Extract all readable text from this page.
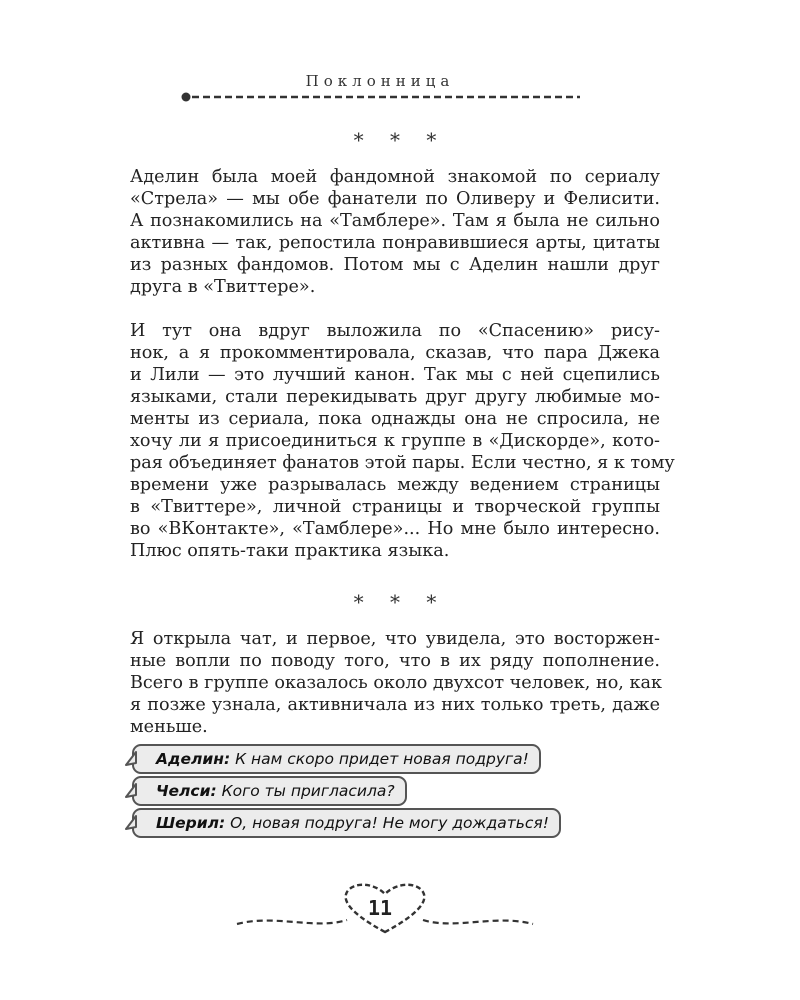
Поклонница
* * *
Аделин была моей фандомной знакомой по сериалу
«Стрела» — мы обе фанатели по Оливеру и Фелисити.
А познакомились на «Тамблере». Там я была не сильно
активна — так, репостила понравившиеся арты, цитаты
из разных фандомов. Потом мы с Аделин нашли друг
друга в «Твиттере».
И тут она вдруг выложила по «Спасению» рису-
нок, а я прокомментировала, сказав, что пара Джека
и Лили — это лучший канон. Так мы с ней сцепились
языками, стали перекидывать друг другу любимые мо-
менты из сериала, пока однажды она не спросила, не
хочу ли я присоединиться к группе в «Дискорде», кото-
рая объединяет фанатов этой пары. Если честно, я к тому
времени уже разрывалась между ведением страницы
в «Твиттере», личной страницы и творческой группы
во «ВКонтакте», «Тамблере»... Но мне было интересно.
Плюс опять-таки практика языка.
* * *
Я открыла чат, и первое, что увидела, это восторжен-
ные вопли по поводу того, что в их ряду пополнение.
Всего в группе оказалось около двухсот человек, но, как
я позже узнала, активничала из них только треть, даже
меньше.
Аделин: К нам скоро придет новая подруга!
Челси: Кого ты пригласила?
Шерил: О, новая подруга! Не могу дождаться!
11
